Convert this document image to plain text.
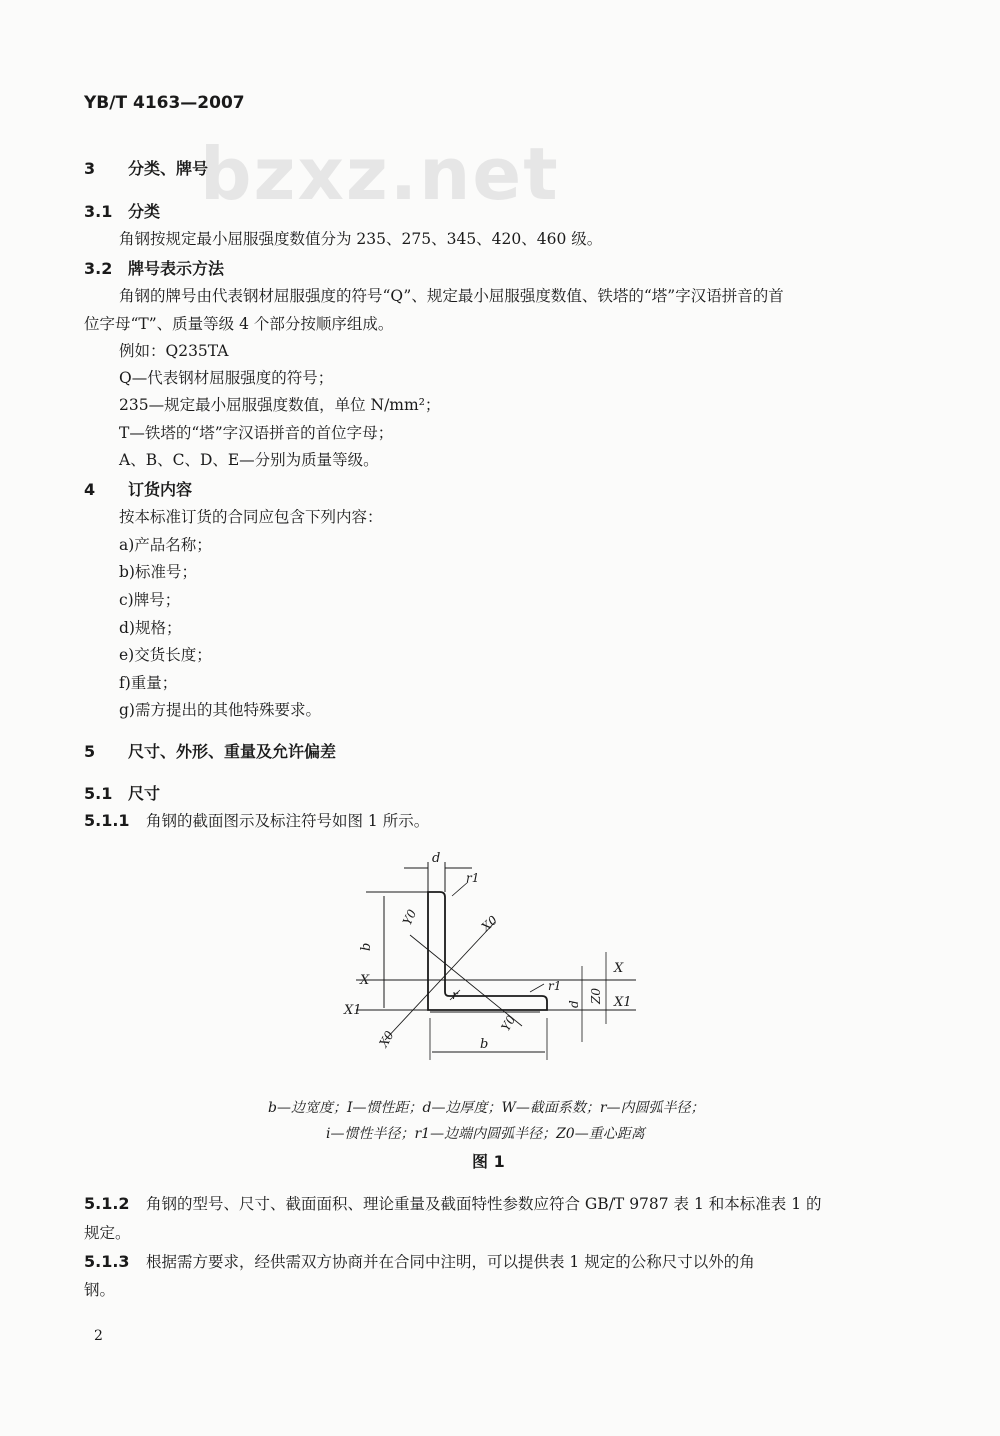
YB/T 4163—2007
bzxz.net
3 分类、牌号
3.1 分类
角钢按规定最小屈服强度数值分为 235、275、345、420、460 级。
3.2 牌号表示方法
角钢的牌号由代表钢材屈服强度的符号“Q”、规定最小屈服强度数值、铁塔的“塔”字汉语拼音的首
位字母“T”、质量等级 4 个部分按顺序组成。
例如：Q235TA
Q—代表钢材屈服强度的符号；
235—规定最小屈服强度数值，单位 N/mm²；
T—铁塔的“塔”字汉语拼音的首位字母；
A、B、C、D、E—分别为质量等级。
4 订货内容
按本标准订货的合同应包含下列内容：
a)产品名称；
b)标准号；
c)牌号；
d)规格；
e)交货长度；
f)重量；
g)需方提出的其他特殊要求。
5 尺寸、外形、重量及允许偏差
5.1 尺寸
5.1.1 角钢的截面图示及标注符号如图 1 所示。
d
r1
Y0	X0
b
X
X1
X0
r
r1
Y0
d
Z0
X
X1
b
b—边宽度；I—惯性距；d—边厚度；W—截面系数；r—内圆弧半径；
i—惯性半径；r1—边端内圆弧半径；Z0—重心距离
图 1
5.1.2 角钢的型号、尺寸、截面面积、理论重量及截面特性参数应符合 GB/T 9787 表 1 和本标准表 1 的
规定。
5.1.3 根据需方要求，经供需双方协商并在合同中注明，可以提供表 1 规定的公称尺寸以外的角
钢。
2
